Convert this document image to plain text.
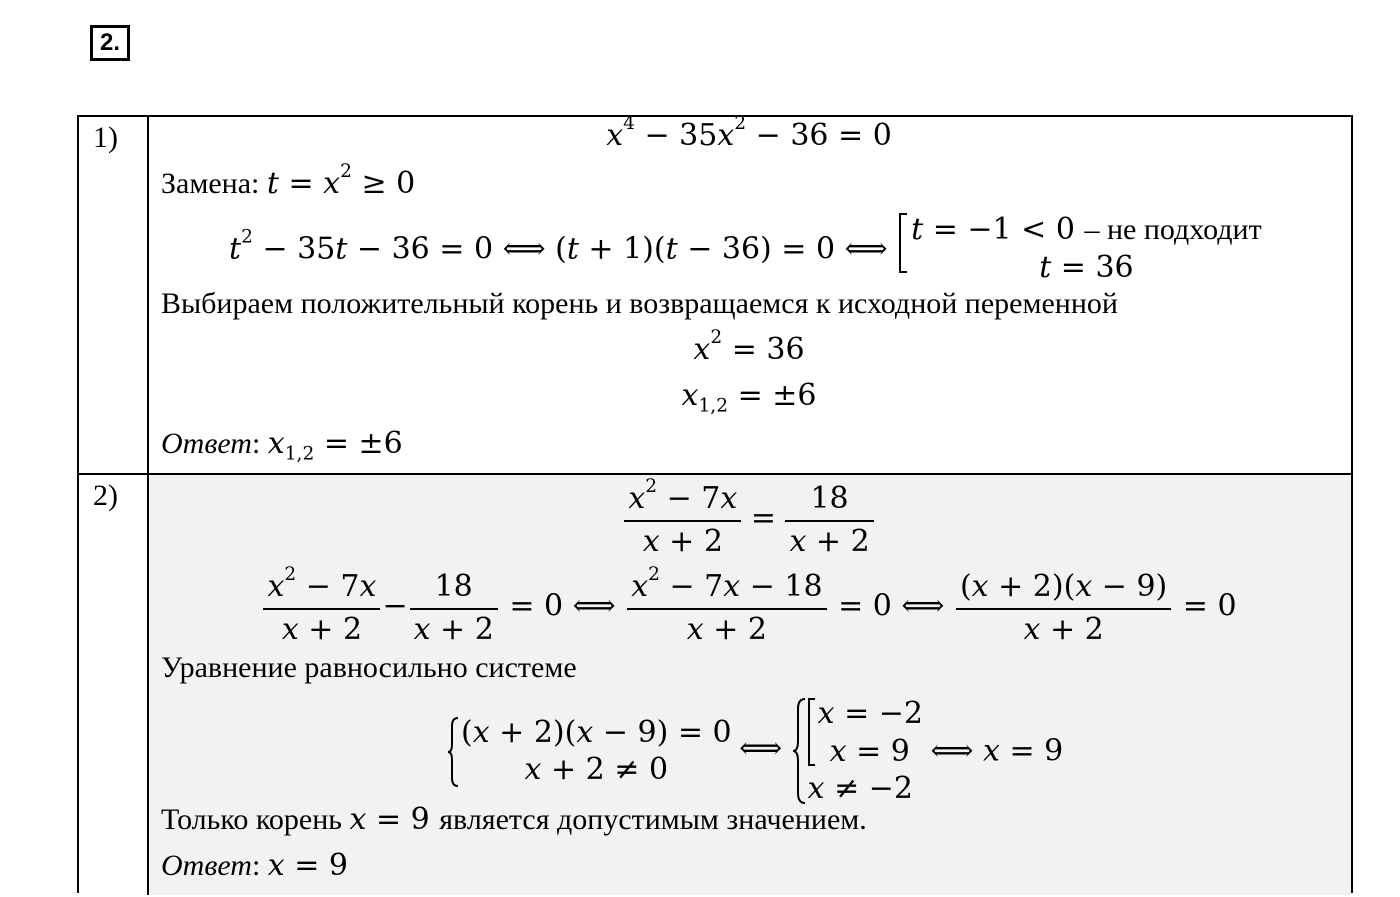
2.
1)	$x^4 - 35x^2 - 36 = 0$
Замена: $t = x^2 \ge 0$
$t^2 - 35t - 36 = 0$ ⟺ (t + 1)(t − 36) = 0 ⟺
t = −1 < 0 – не подходит
t = 36
Выбираем положительный корень и возвращаемся к исходной переменной
$x^2 = 36$
$x_{1,2} = \pm 6$
Ответ: $x_{1,2} = \pm 6$
2)	$\frac{x^2 - 7x}{x + 2} = \frac{18}{x + 2}$
$\frac{x^2 - 7x}{x + 2} - \frac{18}{x + 2} = 0$ ⟺ $\frac{x^2 - 7x - 18}{x + 2} = 0$ ⟺ $\frac{(x + 2)(x - 9)}{x + 2} = 0$
Уравнение равносильно системе
(x + 2)(x − 9) = 0
x + 2 ≠ 0
⟺
x = −2
x = 9
x ≠ −2
⟺ x = 9
Только корень x = 9 является допустимым значением.
Ответ: x = 9
